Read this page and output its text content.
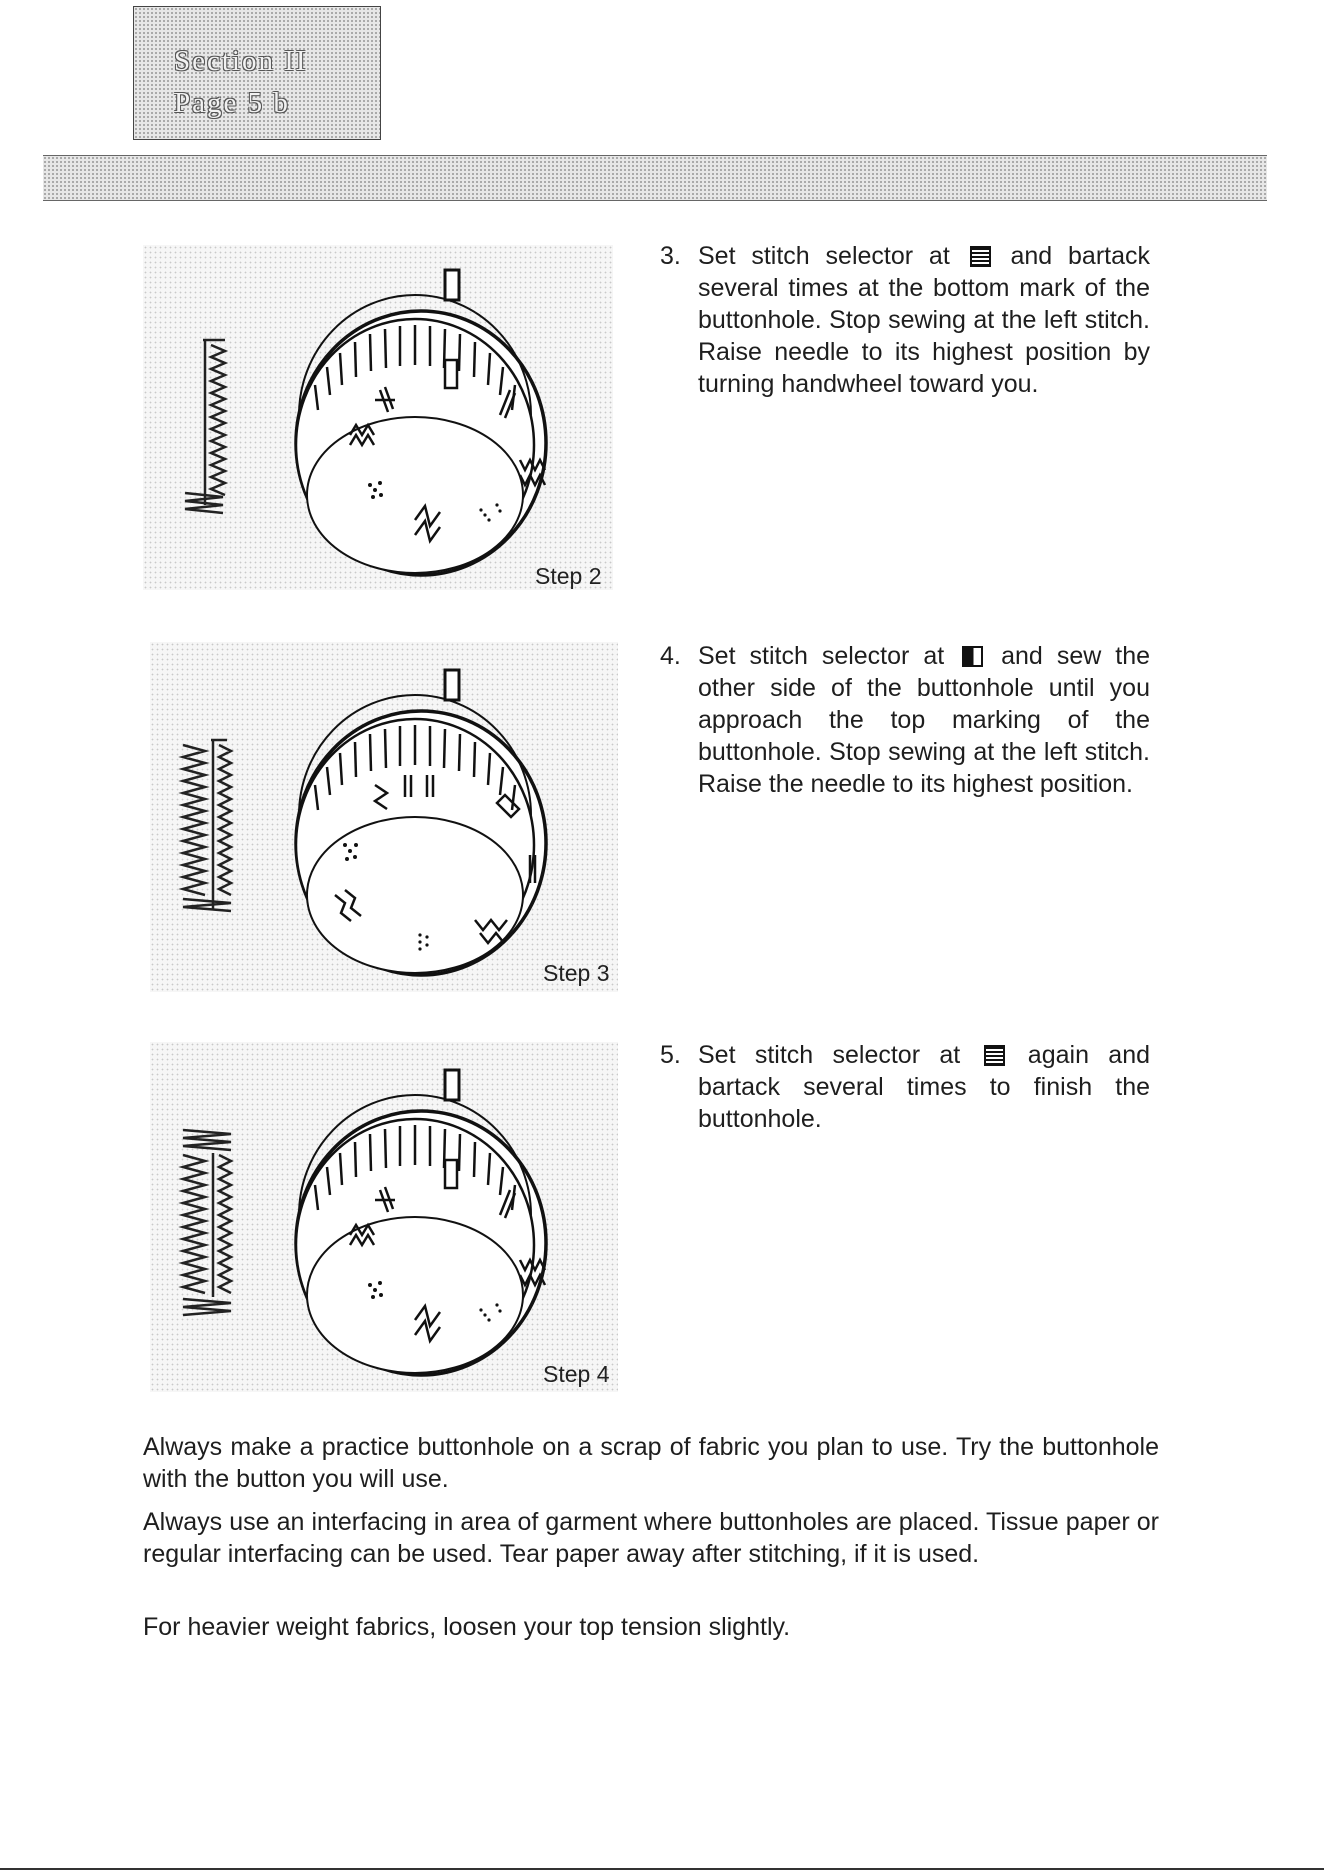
Section II
Page 5 b
Step 2
3. Set stitch selector at  and bartack several times at the bottom mark of the buttonhole. Stop sewing at the left stitch. Raise needle to its highest position by turning handwheel toward you.
Step 3
4. Set stitch selector at  and sew the other side of the buttonhole until you approach the top marking of the buttonhole. Stop sewing at the left stitch. Raise the needle to its highest position.
Step 4
5. Set stitch selector at  again and bartack several times to finish the buttonhole.
Always make a practice buttonhole on a scrap of fabric you plan to use. Try the buttonhole with the button you will use.
Always use an interfacing in area of garment where buttonholes are placed. Tissue paper or regular interfacing can be used. Tear paper away after stitching, if it is used.
For heavier weight fabrics, loosen your top tension slightly.
